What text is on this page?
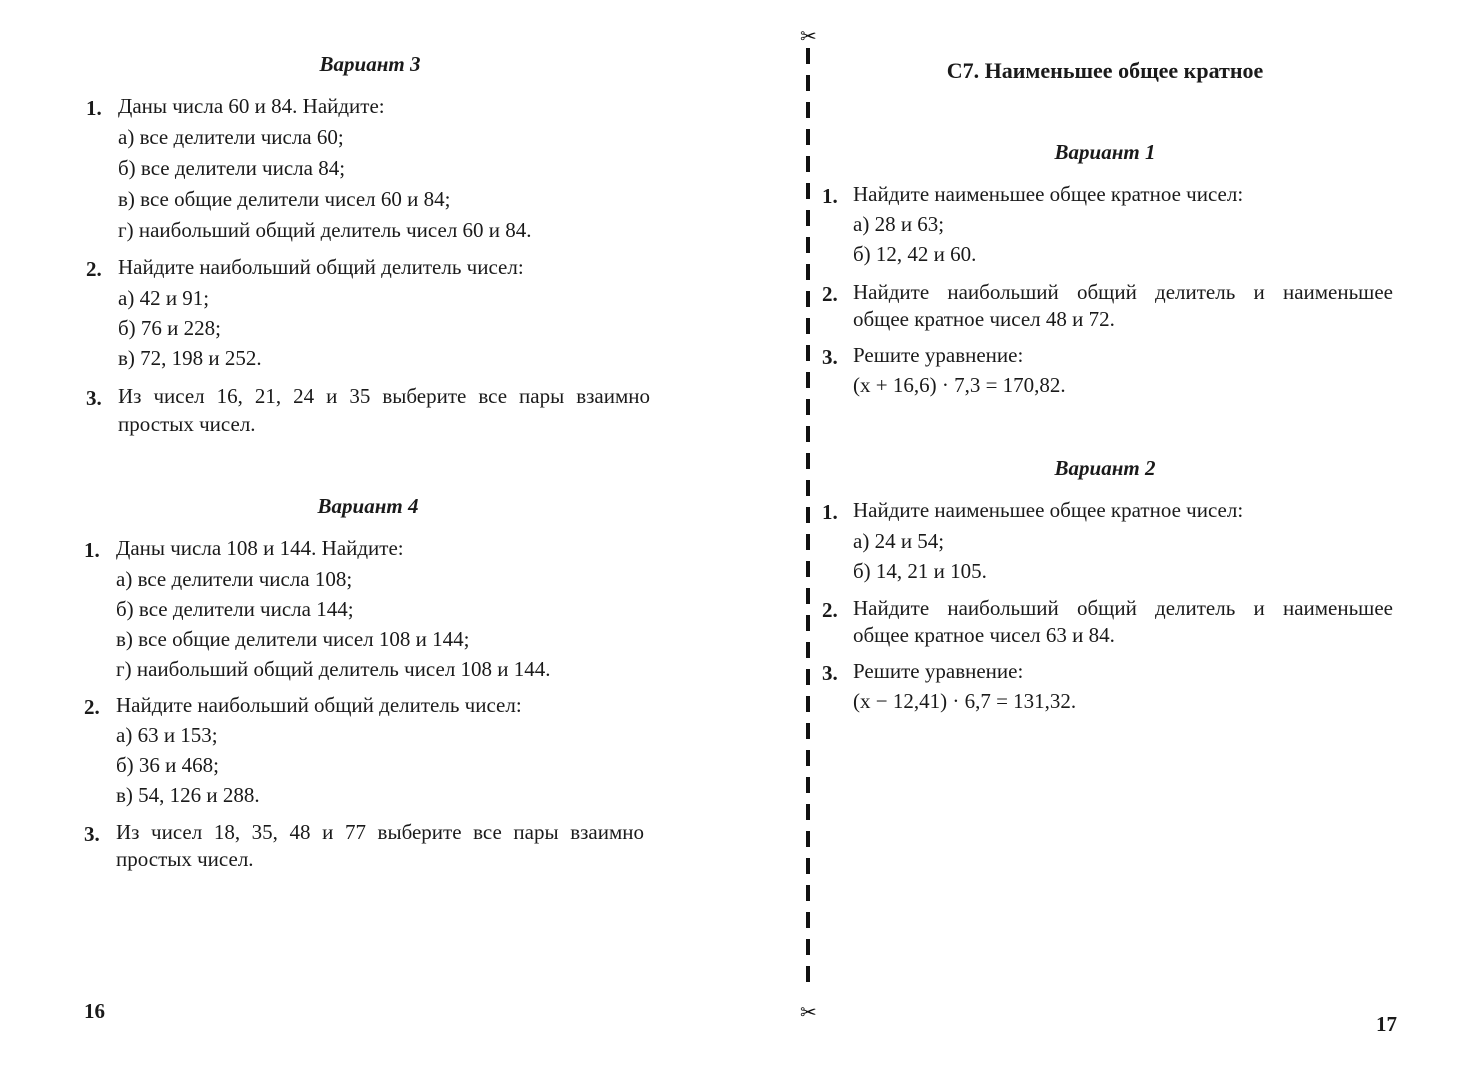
Вариант 3
1. Даны числа 60 и 84. Найдите:
а) все делители числа 60;
б) все делители числа 84;
в) все общие делители чисел 60 и 84;
г) наибольший общий делитель чисел 60 и 84.
2. Найдите наибольший общий делитель чисел:
а) 42 и 91;
б) 76 и 228;
в) 72, 198 и 252.
3. Из чисел 16, 21, 24 и 35 выберите все пары взаимно
простых чисел.
Вариант 4
1. Даны числа 108 и 144. Найдите:
а) все делители числа 108;
б) все делители числа 144;
в) все общие делители чисел 108 и 144;
г) наибольший общий делитель чисел 108 и 144.
2. Найдите наибольший общий делитель чисел:
а) 63 и 153;
б) 36 и 468;
в) 54, 126 и 288.
3. Из чисел 18, 35, 48 и 77 выберите все пары взаимно
простых чисел.
16
✂
✂
С7. Наименьшее общее кратное
Вариант 1
1. Найдите наименьшее общее кратное чисел:
а) 28 и 63;
б) 12, 42 и 60.
2. Найдите наибольший общий делитель и наименьшее
общее кратное чисел 48 и 72.
3. Решите уравнение:
(x + 16,6) · 7,3 = 170,82.
Вариант 2
1. Найдите наименьшее общее кратное чисел:
а) 24 и 54;
б) 14, 21 и 105.
2. Найдите наибольший общий делитель и наименьшее
общее кратное чисел 63 и 84.
3. Решите уравнение:
(x − 12,41) · 6,7 = 131,32.
17
